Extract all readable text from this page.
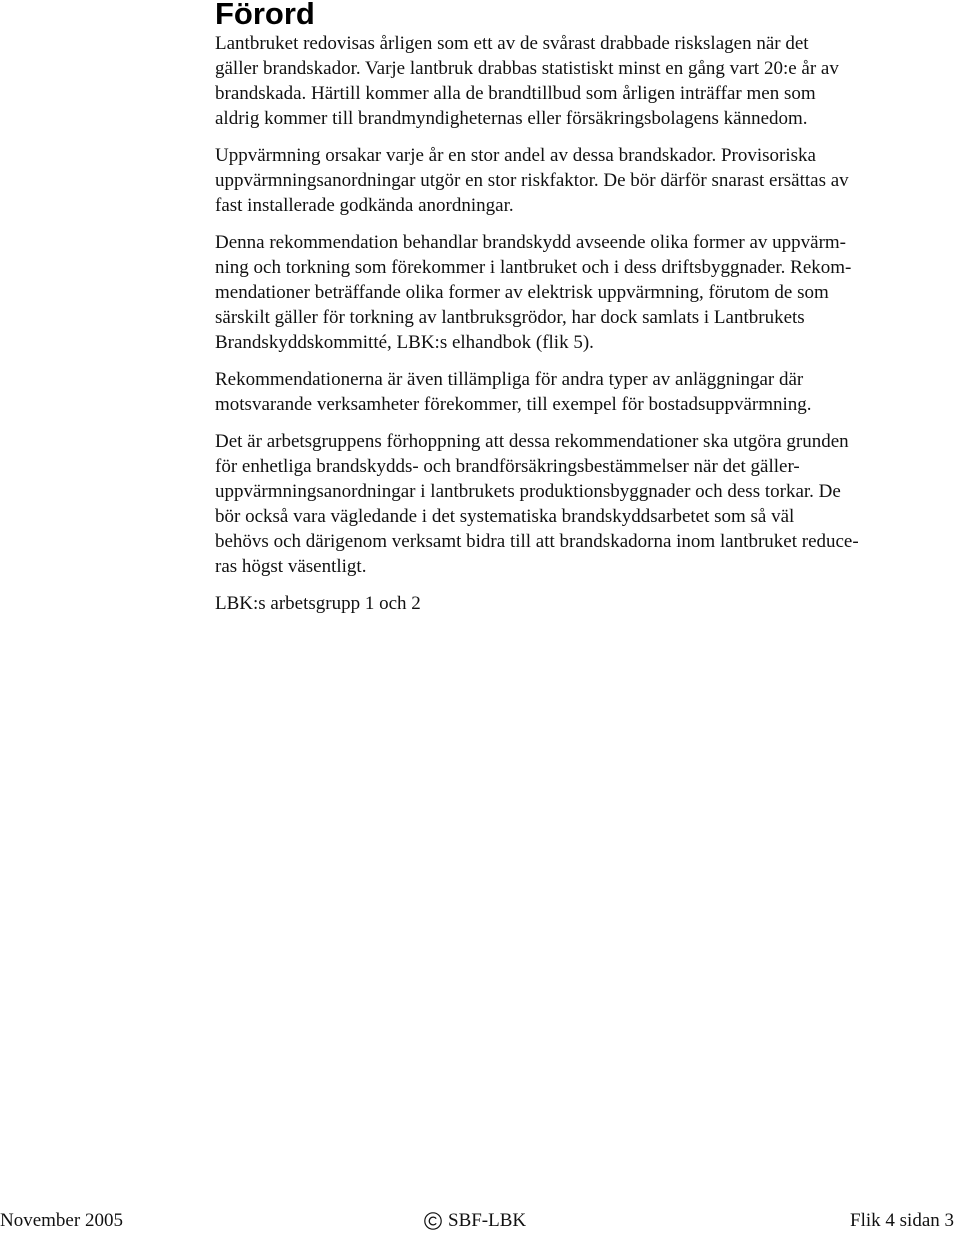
Förord

Lantbruket redovisas årligen som ett av de svårast drabbade riskslagen när det
gäller brandskador. Varje lantbruk drabbas statistiskt minst en gång vart 20:e år av
brandskada. Härtill kommer alla de brandtillbud som årligen inträffar men som
aldrig kommer till brandmyndigheternas eller försäkringsbolagens kännedom.

Uppvärmning orsakar varje år en stor andel av dessa brandskador. Provisoriska
uppvärmningsanordningar utgör en stor riskfaktor. De bör därför snarast ersättas av
fast installerade godkända anordningar.

Denna rekommendation behandlar brandskydd avseende olika former av uppvärm-
ning och torkning som förekommer i lantbruket och i dess driftsbyggnader. Rekom-
mendationer beträffande olika former av elektrisk uppvärmning, förutom de som
särskilt gäller för torkning av lantbruksgrödor, har dock samlats i Lantbrukets
Brandskyddskommitté, LBK:s elhandbok (flik 5).

Rekommendationerna är även tillämpliga för andra typer av anläggningar där
motsvarande verksamheter förekommer, till exempel för bostadsuppvärmning.

Det är arbetsgruppens förhoppning att dessa rekommendationer ska utgöra grunden
för enhetliga brandskydds- och brandförsäkringsbestämmelser när det gäller-
uppvärmningsanordningar i lantbrukets produktionsbyggnader och dess torkar. De
bör också vara vägledande i det systematiska brandskyddsarbetet som så väl
behövs och därigenom verksamt bidra till att brandskadorna inom lantbruket reduce-
ras högst väsentligt.

LBK:s arbetsgrupp 1 och 2

November 2005	SBF-LBK	Flik 4 sidan 3
